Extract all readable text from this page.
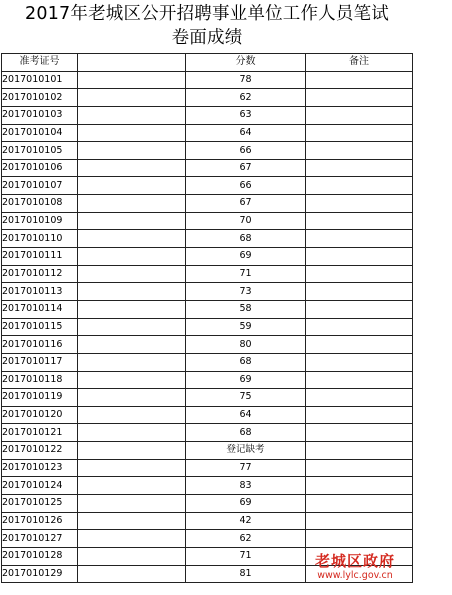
2017年老城区公开招聘事业单位工作人员笔试
卷面成绩
准考证号		分数	备注
2017010101		78	
2017010102		62	
2017010103		63	
2017010104		64	
2017010105		66	
2017010106		67	
2017010107		66	
2017010108		67	
2017010109		70	
2017010110		68	
2017010111		69	
2017010112		71	
2017010113		73	
2017010114		58	
2017010115		59	
2017010116		80	
2017010117		68	
2017010118		69	
2017010119		75	
2017010120		64	
2017010121		68	
2017010122		登记缺考	
2017010123		77	
2017010124		83	
2017010125		69	
2017010126		42	
2017010127		62	
2017010128		71	
2017010129		81	
老城区政府
www.lylc.gov.cn
